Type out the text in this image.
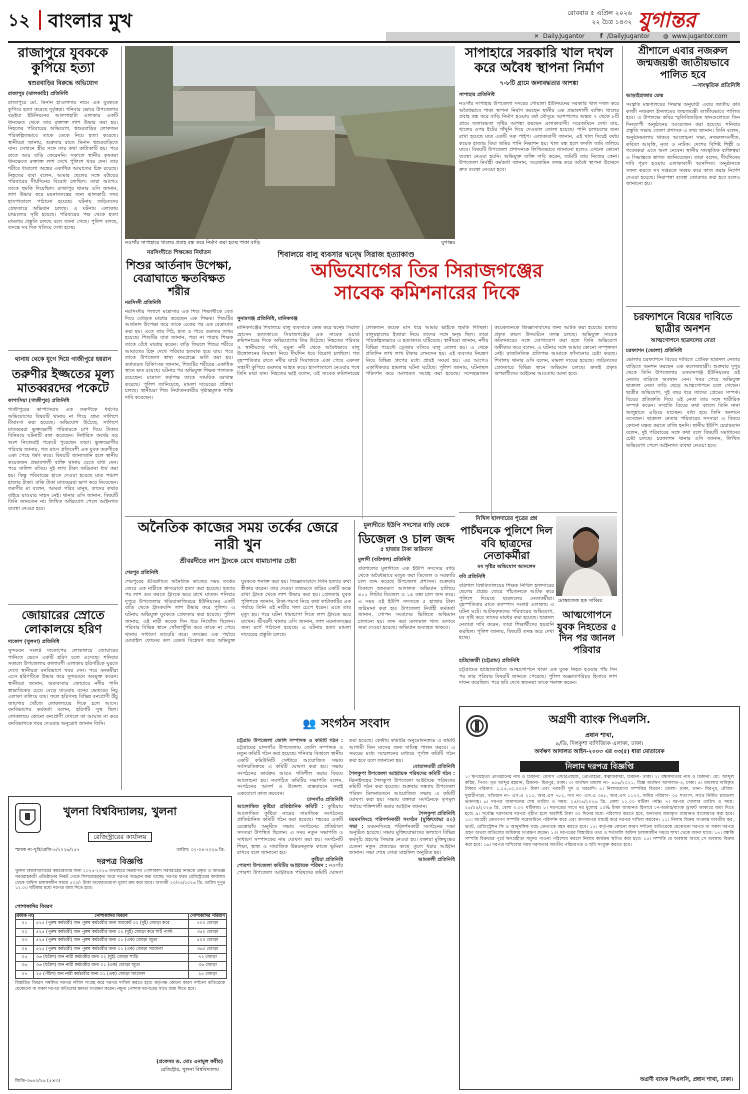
১২ বাংলার মুখ	রোববার ৫ এপ্রিল ২০২৬
২২ চৈত্র ১৪৩২ যুগান্তর
✕ Daily.Jugantor	f /DailyJugantor ◍ www.jugantor.com
রাজাপুরে যুবককে কুপিয়ে হত্যা
শ্বশুরবাড়ির বিরুদ্ধে অভিযোগ
রাজাপুর (ঝালকাঠি) প্রতিনিধি
রাজাপুরে মো. মিনান হাওলাদার নামে এক যুবককে কুপিয়ে হত্যা করেছে দুর্বৃত্তরা। শনিবার ভোরে উপজেলার বড়ইয়া ইউনিয়নের আলগাহাটা এলাকার একটি ধানক্ষেত থেকে তার রক্তাক্ত লাশ উদ্ধার করা হয়। নিহতের পরিবারের অভিযোগ, শ্বশুরবাড়ির লোকজন পরিকল্পিতভাবে তাকে ডেকে নিয়ে হত্যা করেছে। স্থানীয়রা জানায়, শুক্রবার রাতে মিনান শ্বশুরবাড়িতে যান। সেখানে স্ত্রীর সঙ্গে তার কথা কাটাকাটি হয়। পরে রাতে আর বাড়ি ফেরেননি। সকালে স্থানীয় কৃষকরা ধানক্ষেতে রক্তাক্ত লাশ দেখে পুলিশে খবর দেন। তার শরীরে ধারালো অস্ত্রের একাধিক আঘাতের চিহ্ন রয়েছে। নিহতের বাবা বলেন, আমার ছেলের সঙ্গে বউয়ের পরিবারের দীর্ঘদিনের বিরোধ চলছিল। তারা আগেও তাকে হুমকি দিয়েছিল। রাজাপুর থানার ওসি জানান, লাশ উদ্ধার করে ময়নাতদন্তের জন্য ঝালকাঠি সদর হাসপাতালে পাঠানো হয়েছে। ঘটনায় জড়িতদের গ্রেফতারে অভিযান চলছে। এ ঘটনায় এলাকায় চাঞ্চল্যের সৃষ্টি হয়েছে। পরিবারের পক্ষ থেকে হত্যা মামলার প্রস্তুতি চলছে বলে জানা গেছে। পুলিশ বলছে, তদন্তে সব দিক খতিয়ে দেখা হচ্ছে।
থানায় থেকে যুগে দিয়ে গাজীপুরে হয়রান
তরুণীর ইজ্জতের মূল্য মাতব্বরদের পকেটে
কাপাসিয়া (গাজীপুর) প্রতিনিধি
গাজীপুরের কাপাসিয়ায় এক তরুণীকে ধর্ষণের অভিযোগের বিষয়টি থানায় না গিয়ে গ্রাম্য সালিশে মীমাংসা করা হয়েছে। অভিযোগ উঠেছে, সালিশে মাতব্বররা ভুক্তভোগী পরিবারকে চাপ দিয়ে টাকার বিনিময়ে ঘটনাটি রফা করেছেন। নির্ধারিত অর্থের বড় অংশ নিজেরাই পকেটে পুরেছেন তারা। ভুক্তভোগীর পরিবার জানায়, গত মাসে প্রতিবেশী এক যুবক তরুণীকে একা পেয়ে ধর্ষণ করে। বিষয়টি জানাজানি হলে স্থানীয় কয়েকজন প্রভাবশালী ব্যক্তি থানায় যেতে বাধা দেন। পরে সালিশ বসিয়ে দুই লাখ টাকা জরিমানা ধার্য করা হয়। কিন্তু পরিবারের হাতে দেওয়া হয়েছে মাত্র পঞ্চাশ হাজার টাকা। বাকি টাকা মাতব্বররা ভাগ করে নিয়েছেন। তরুণীর মা বলেন, আমরা গরিব মানুষ, তাদের কথার বাইরে যাওয়ার সাহস নেই। থানার ওসি জানান, বিষয়টি তিনি জানতেন না। লিখিত অভিযোগ পেলে আইনগত ব্যবস্থা নেওয়া হবে।
জোয়ারের স্রোতে লোকালয়ে হরিণ
দাকোপ (খুলনা) প্রতিনিধি
সুন্দরবন সংলগ্ন দাকোপের লোকালয়ে জোয়ারের পানিতে ভেসে একটি হরিণ চলে এসেছে। শনিবার সকালে উপজেলার কালাবগী এলাকায় হরিণটিকে ঘুরতে দেখে স্থানীয়রা বনবিভাগে খবর দেন। পরে বনকর্মীরা এসে হরিণটিকে উদ্ধার করে সুন্দরবনে অবমুক্ত করেন। স্থানীয়রা জানান, অমাবস্যার জোয়ারে নদীর পানি স্বাভাবিকের চেয়ে বেড়ে যাওয়ায় বনের ভেতরের নিচু এলাকা তলিয়ে যায়। ফলে হরিণসহ বিভিন্ন বন্যপ্রাণী উঁচু জায়গার খোঁজে লোকালয়ের দিকে চলে আসে। বনবিভাগের কর্মকর্তা বলেন, হরিণটি সুস্থ ছিল। লোকালয়ে কোনো বন্যপ্রাণী দেখলে তা আঘাত না করে বনবিভাগকে খবর দেওয়ার অনুরোধ জানান তিনি।
নওগাঁর সাপাহারে খালের প্রবাহ বন্ধ করে নির্মাণ করা হচ্ছে পাকা বাড়ি	যুগান্তর
সাপাহারে সরকারি খাল দখল করে অবৈধ স্থাপনা নির্মাণ
৭-৮টি গ্রামে জলাবদ্ধতার আশঙ্কা
সাপাহার প্রতিনিধি
নওগাঁর সাপাহার উপজেলা সদরের গোয়ালা ইউনিয়নের সরকারি খাল দখল করে অবৈধভাবে পাকা স্থাপনা নির্মাণ করছেন স্থানীয় এক প্রভাবশালী ব্যক্তি। খালের প্রবাহ বন্ধ করে বাড়ি নির্মাণ হওয়ায় বর্ষা মৌসুমে আশপাশের অন্তত ৭ থেকে ৮টি গ্রামে জলাবদ্ধতা সৃষ্টির আশঙ্কা করছেন এলাকাবাসী। সরেজমিনে দেখা যায়, খালের ওপর ইটের গাঁথুনি দিয়ে দেওয়াল তোলা হয়েছে। পানি চলাচলের জন্য রাখা হয়েছে মাত্র একটি সরু পাইপ। এলাকাবাসী জানান, এই খাল দিয়েই বর্ষায় কয়েক হাজার বিঘা জমির পানি নিষ্কাশন হয়। খাল বন্ধ হলে ফসলি জমি তলিয়ে যাবে। বিষয়টি উপজেলা প্রশাসনকে লিখিতভাবে জানানো হলেও এখনো কোনো ব্যবস্থা নেওয়া হয়নি। অভিযুক্ত ব্যক্তি দাবি করেন, জমিটি তার নিজের কেনা। উপজেলা নির্বাহী কর্মকর্তা জানান, সরেজমিন তদন্ত করে অবৈধ স্থাপনা উচ্ছেদে দ্রুত ব্যবস্থা নেওয়া হবে।
শ্রীশালে এবার নজরুল জন্মজয়ন্তী জাতীয়ভাবে পালিত হবে
—সাংস্কৃতিক প্রতিনিধি
আড়াইহাজার ডেস্ক
সংস্কৃতি মন্ত্রণালয়ের সিদ্ধান্ত অনুযায়ী এবার জাতীয় কবি কাজী নজরুল ইসলামের জন্মজয়ন্তী জাতীয়ভাবে পালিত হবে। এ উপলক্ষে কবির স্মৃতিবিজড়িত স্থানগুলোতে তিন দিনব্যাপী অনুষ্ঠানের আয়োজন করা হয়েছে। শনিবার প্রস্তুতি সভায় জেলা প্রশাসক এ তথ্য জানান। তিনি বলেন, অনুষ্ঠানমালায় থাকবে আলোচনা সভা, নজরুলসংগীত, কবিতা আবৃত্তি, নৃত্য ও নাটক। দেশের বিশিষ্ট শিল্পী ও গবেষকরা এতে অংশ নেবেন। স্থানীয় সাংস্কৃতিক ব্যক্তিত্বরা এ সিদ্ধান্তকে স্বাগত জানিয়েছেন। তারা বলেন, দীর্ঘদিনের দাবি পূরণ হওয়ায় এলাকাবাসী আনন্দিত। অনুষ্ঠানকে সফল করতে সব দপ্তরকে সমন্বয় করে কাজ করার নির্দেশ দেওয়া হয়েছে। নিরাপত্তা ব্যবস্থা জোরদার করা হবে বলেও জানানো হয়।
চরফ্যাশনে বিয়ের দাবিতে ছাত্রীর অনশন
আত্মগোপনে ছাত্রদলের নেতা
চরফ্যাশন (ভোলা) প্রতিনিধি
ভোলার চরফ্যাশনে বিয়ের দাবিতে প্রেমিক ছাত্রদল নেতার বাড়িতে অনশন করছেন এক কলেজছাত্রী। শুক্রবার দুপুর থেকে তিনি উপজেলার ওসমানগঞ্জ ইউনিয়নের ওই নেতার বাড়িতে অবস্থান নেন। খবর পেয়ে অভিযুক্ত ছাত্রদল নেতা বাড়ি ছেড়ে আত্মগোপনে চলে গেছেন। ছাত্রীর অভিযোগ, দুই বছর ধরে তাদের প্রেমের সম্পর্ক। বিয়ের প্রতিশ্রুতি দিয়ে ওই নেতা তার সঙ্গে শারীরিক সম্পর্ক করেন। সম্প্রতি বিয়ের কথা বললে তিনি নানা অজুহাতে এড়িয়ে যাচ্ছেন। বাধ্য হয়ে তিনি অনশনে বসেছেন। ছাত্রদল নেতার পরিবারের সদস্যরা এ বিষয়ে কোনো মন্তব্য করতে রাজি হননি। স্থানীয় ইউপি চেয়ারম্যান বলেন, দুই পরিবারের সঙ্গে কথা বলে বিষয়টি সমাধানের চেষ্টা চলছে। চরফ্যাশন থানার ওসি জানান, লিখিত অভিযোগ পেলে আইনগত ব্যবস্থা নেওয়া হবে।
নরসিংদীতে শিক্ষকের নির্যাতন
শিশুর আর্তনাদ উপেক্ষা, বেত্রাঘাতে ক্ষতবিক্ষত শরীর
নরসিংদী প্রতিনিধি
নরসিংদীর পলাশে মাদ্রাসার এক শিশু শিক্ষার্থীকে বেত দিয়ে বেধড়ক মারধর করেছেন এক শিক্ষক। শিশুটির আর্তনাদ উপেক্ষা করে তাকে একের পর এক বেত্রাঘাত করা হয়। এতে তার পিঠ, হাত ও পায়ে গুরুতর জখম হয়েছে। শিশুটির বাবা জানান, পড়া না পারায় শিক্ষক তাকে বেঁধে মারধর করেন। বাড়ি ফিরলে শিশুর শরীরে আঘাতের চিহ্ন দেখে পরিবার হতবাক হয়ে যায়। পরে তাকে উপজেলা স্বাস্থ্য কমপ্লেক্সে ভর্তি করা হয়। কর্তব্যরত চিকিৎসক জানান, শিশুটির শরীরের একাধিক স্থানে ক্ষত রয়েছে। ঘটনার পর অভিযুক্ত শিক্ষক পলাতক রয়েছেন। মাদ্রাসা কর্তৃপক্ষ তাকে সাময়িক বরখাস্ত করেছে। পুলিশ জানিয়েছে, মামলা দায়েরের প্রক্রিয়া চলছে। স্থানীয়রা শিশু নির্যাতনকারীর দৃষ্টান্তমূলক শাস্তি দাবি করেছেন।
শিবালয়ে বালু ব্যবসার দ্বন্দ্বে সিরাজ হত্যাকাণ্ড
অভিযোগের তির সিরাজগঞ্জের
সাবেক কমিশনারের দিকে
সুনামগঞ্জ প্রতিনিধি, মানিকগঞ্জ
মানিকগঞ্জের শিবালয়ে বালু ব্যবসাকে কেন্দ্র করে দ্বন্দ্বে সিরাজ হোসেন হত্যাকাণ্ডে সিরাজগঞ্জের এক সাবেক ওয়ার্ড কমিশনারের দিকে অভিযোগের তির উঠেছে। নিহতের পরিবার ও স্থানীয়দের দাবি, যমুনা নদী থেকে অবৈধভাবে বালু উত্তোলনের নিয়ন্ত্রণ নিয়ে দীর্ঘদিন ধরে বিরোধ চলছিল। গত বৃহস্পতিবার রাতে নদীর ঘাটে সিরাজকে একা পেয়ে একদল সন্ত্রাসী কুপিয়ে গুরুতর আহত করে। হাসপাতালে নেওয়ার পথে তিনি মারা যান। নিহতের ভাই বলেন, ওই সাবেক কমিশনারের লোকজন কয়েক মাস ধরে আমার ভাইকে হুমকি দিচ্ছিল। বালুমহালের ইজারা নিয়ে তাদের সঙ্গে দ্বন্দ্ব ছিল। তারা পরিকল্পিতভাবে এ হত্যাকাণ্ড ঘটিয়েছে। স্থানীয়রা জানান, নদীর বিভিন্ন পয়েন্টে ড্রেজার বসিয়ে বালু তোলা হয়। এ থেকে প্রতিদিন লাখ লাখ টাকার লেনদেন হয়। এই ব্যবসার নিয়ন্ত্রণ নিয়ে বিভিন্ন গ্রুপের মধ্যে প্রায়ই সংঘর্ষ হয়। এর আগেও একাধিকবার হামলার ঘটনা ঘটেছে। পুলিশ জানায়, ঘটনাস্থল পরিদর্শন করে আলামত সংগ্রহ করা হয়েছে। সন্দেহভাজন কয়েকজনকে জিজ্ঞাসাবাদের জন্য আটক করা হয়েছে। হত্যার প্রকৃত কারণ উদঘাটনে তদন্ত চলছে। অভিযুক্ত সাবেক কমিশনারের সঙ্গে যোগাযোগ করা হলে তিনি অভিযোগ অস্বীকার করে বলেন, এ ঘটনার সঙ্গে আমার কোনো সম্পৃক্ততা নেই। রাজনৈতিক প্রতিপক্ষ আমাকে ফাঁসানোর চেষ্টা করছে। শিবালয় থানার ওসি বলেন, মামলা দায়ের হয়েছে। জড়িতদের গ্রেফতারে বিভিন্ন স্থানে অভিযান চলছে। দ্রুতই প্রকৃত অপরাধীদের আইনের আওতায় আনা হবে।
অনৈতিক কাজের সময় তর্কের জেরে নারী খুন
শ্রীবরদীতে লাশ ট্রাংকে রেখে ধামাচাপার চেষ্টা
শেরপুর প্রতিনিধি
শেরপুরের শ্রীবরদীতে অনৈতিক কাজের সময় তর্কের জেরে এক নারীকে শ্বাসরোধে হত্যা করা হয়েছে। হত্যার পর লাশ গুম করতে ট্রাংকে ভরে রাখে ঘাতক। শনিবার দুপুরে উপজেলার খড়িয়াকাজিরচর ইউনিয়নের একটি বাড়ি থেকে ট্রাংকবন্দি লাশ উদ্ধার করে পুলিশ। এ ঘটনায় অভিযুক্ত যুবককে গ্রেফতার করা হয়েছে। পুলিশ জানায়, ওই নারী কয়েক দিন ধরে নিখোঁজ ছিলেন। পরিবার বিভিন্ন স্থানে খোঁজাখুঁজি করে তাকে না পেয়ে থানায় সাধারণ ডায়েরি করে। তদন্তের এক পর্যায়ে মোবাইল ফোনের কল রেকর্ড বিশ্লেষণ করে অভিযুক্ত যুবককে শনাক্ত করা হয়। জিজ্ঞাসাবাদে তিনি হত্যার কথা স্বীকার করেন। তার দেওয়া তথ্যমতে বাড়ির একটি কক্ষে রাখা ট্রাংক থেকে লাশ উদ্ধার করা হয়। গ্রেফতার যুবক পুলিশকে জানান, টাকা-পয়সা নিয়ে কথা কাটাকাটির এক পর্যায়ে তিনি ওই নারীর গলা চেপে ধরেন। এতে তার মৃত্যু হয়। পরে ঘটনা ধামাচাপা দিতে লাশ ট্রাংকে ভরে রাখেন। শ্রীবরদী থানার ওসি জানান, লাশ ময়নাতদন্তের জন্য মর্গে পাঠানো হয়েছে। এ ঘটনায় হত্যা মামলা দায়েরের প্রস্তুতি চলছে।
মুলাদীতে ইউপি সদস্যের বাড়ি থেকে
ডিজেল ও চাল জব্দ
৫ হাজার টাকা জরিমানা
মুলাদী (বরিশাল) প্রতিনিধি
বরিশালের মুলাদীতে এক ইউপি সদস্যের বাড়ি থেকে অবৈধভাবে মজুত করা ডিজেল ও সরকারি চাল জব্দ করেছে উপজেলা প্রশাসন। শুক্রবার বিকালে ভ্রাম্যমাণ আদালত অভিযান চালিয়ে ৪০০ লিটার ডিজেল ও ১৫ বস্তা চাল জব্দ করে। এ সময় ওই ইউপি সদস্যকে ৫ হাজার টাকা জরিমানা করা হয়। উপজেলা নির্বাহী কর্মকর্তা জানান, গোপন সংবাদের ভিত্তিতে অভিযান চালানো হয়। জব্দ করা মালামাল খাদ্য গুদামে জমা দেওয়া হয়েছে। অভিযান অব্যাহত থাকবে।
নিখিল হালদারের পুত্রের প্রশ্ন
পাচঁঘনকে পুলিশে দিল ববি ছাত্রদের নেতাকর্মীরা
মব সৃষ্টির অভিযোগ আনলেন
ববি প্রতিনিধি
বরিশাল বিশ্ববিদ্যালয়ের শিক্ষক নিখিল হালদারের ছেলের প্রশ্নের জেরে পাঁচজনকে আটক করে পুলিশে দিয়েছে ছাত্রদলের নেতাকর্মীরা। বৃহস্পতিবার রাতে ক্যাম্পাস সংলগ্ন এলাকায় এ ঘটনা ঘটে। আটককৃতদের পরিবারের অভিযোগ, মব সৃষ্টি করে তাদের মারধর করা হয়েছে। ছাত্রদল নেতারা দাবি করেন, তারা শিক্ষার্থীদের হয়রানি করছিল। পুলিশ জানায়, বিষয়টি তদন্ত করে দেখা হচ্ছে।
মোস্তাফেজ হক সাব্বির
আত্মগোপনে যুবক নিহতের ৫ দিন পর জানল পরিবার
হাটহাজারী (চট্টগ্রাম) প্রতিনিধি
চট্টগ্রামের হাটহাজারীতে আত্মগোপনে থাকা এক যুবক নিহত হওয়ার পাঁচ দিন পর তার পরিবার বিষয়টি জানতে পেরেছে। পুলিশ অজ্ঞাতপরিচয় হিসাবে লাশ দাফন করেছিল। পরে ছবি দেখে স্বজনরা তাকে শনাক্ত করেন।
অগ্রণী ব্যাংক পিএলসি.
প্রধান শাখা,
৯/ডি, দিলকুশা বাণিজ্যিক এলাকা, ঢাকা।
অর্থঋণ আদালত আইন-২০০৩ এর ৩৩(৫) ধারা মোতাবেক
নিলাম দরপত্র বিজ্ঞপ্তি
১। ঋণগ্রহীতা প্রতিষ্ঠানের নাম ও ঠিকানা: মেসার্স এন্টারপ্রাইজ, প্রোপ্রাইটর, স্বত্বাধিকারী, ঠিকানা- ঢাকা। ২। বন্ধকদাতার নাম ও ঠিকানা: মো. আব্দুল করিম, পিতা- মৃত আব্দুর রহমান, ঠিকানা- মিরপুর, ঢাকা। ৩। অর্থঋণ মামলা নং- ৪৫৬/২০২১, বিজ্ঞ অর্থঋণ আদালত-৩, ঢাকা। ৪। মামলার দাবিকৃত টাকার পরিমাণ: ১,২৫,৫০,০০০/- টাকা এবং পরবর্তী সুদ ও খরচাদি। ৫। নিলামযোগ্য সম্পত্তির বিবরণ: জেলা- ঢাকা, থানা- মিরপুর, মৌজা- দুয়ারীপাড়া, খতিয়ান নং- এস.এ ২১৫, আর.এস ৭৮২, দাগ নং- এস.এ ৩৪৮, আর.এস ১১২৩, জমির পরিমাণ- ০৫ শতাংশ, সাথে নির্মিত চারতলা ভবনসহ। ৬। দরপত্র জমাদানের শেষ তারিখ ও সময়: ২৫/০৪/২০২৬ খ্রি. বেলা ১২.০০ ঘটিকা পর্যন্ত। ৭। দরপত্র খোলার তারিখ ও সময়: ২৫/০৪/২০২৬ খ্রি. বেলা ৩.০০ ঘটিকায়। ৮। দরপত্রের সাথে দর মূল্যের ১০% টাকা জামানত হিসাবে পে-অর্ডার/ব্যাংক ড্রাফট আকারে জমা দিতে হবে। ৯। সর্বোচ্চ দরদাতার দরপত্র গৃহীত হলে অবশিষ্ট টাকা ৩০ দিনের মধ্যে পরিশোধ করতে হবে, অন্যথায় জমাকৃত জামানত বাজেয়াপ্ত করা হবে। ১০। আগ্রহী ক্রেতাগণ সম্পত্তি সরেজমিনে পরিদর্শন করে এবং কাগজপত্র যাচাই করে দরপত্র দাখিল করবেন। ১১। নিলাম বিক্রয় সংক্রান্ত যাবতীয় কর, ভ্যাট, রেজিস্ট্রেশন ফি ও আনুষঙ্গিক খরচ ক্রেতাকে বহন করতে হবে। ১২। কর্তৃপক্ষ কোনো কারণ দর্শানো ব্যতিরেকে যেকোনো দরপত্র বা সকল দরপত্র গ্রহণ অথবা বাতিলের অধিকার সংরক্ষণ করেন। ১৩। দরপত্রের বিস্তারিত তথ্য ও শর্তাবলি অফিস চলাকালীন সময়ে শাখা থেকে জানা যাবে। ১৪। বন্ধকি সম্পত্তি বিক্রয়ের পূর্বে ঋণগ্রহীতা সমুদয় পাওনা পরিশোধ করলে নিলাম কার্যক্রম স্থগিত করা হবে। ১৫। সম্পত্তি যে অবস্থায় আছে সে অবস্থায় বিক্রয় করা হবে। ১৬। দরপত্র দাখিলের সময় দরদাতার জাতীয় পরিচয়পত্র ও ছবি সংযুক্ত করতে হবে।
অগ্রণী ব্যাংক পিএলসি, প্রধান শাখা, ঢাকা।
👥 সংগঠন সংবাদ
চট্টগ্রাম উপজেলা জেলি সম্পাদক ও কমিটি গঠন : চট্টগ্রামের চান্দগাঁও উপজেলায় জেলি সম্পাদক ও নতুন কমিটি গঠন করা হয়েছে। শনিবার বিকালে স্থানীয় একটি কমিউনিটি সেন্টারে আয়োজিত সভায় সর্বসম্মতিক্রমে এ কমিটি ঘোষণা করা হয়। সভায় সংগঠনের কার্যক্রম আরও গতিশীল করার বিষয়ে আলোচনা হয়। নবগঠিত কমিটির সভাপতি বলেন, সংগঠনের আদর্শ ও উদ্দেশ্য বাস্তবায়নে সবাই একযোগে কাজ করবেন।
চান্দগাঁও প্রতিনিধি
আলোকিত কুষ্টিয়া প্রতিষ্ঠানিক কমিটি : কুষ্টিয়ায় আলোকিত কুষ্টিয়া নামের সামাজিক সংগঠনের প্রাতিষ্ঠানিক কমিটি গঠন করা হয়েছে। শহরের একটি রেস্তোরাঁয় অনুষ্ঠিত সভায় সংগঠনের প্রতিষ্ঠাতা সদস্যরা উপস্থিত ছিলেন। এ সময় নতুন সভাপতি ও সাধারণ সম্পাদকের নাম ঘোষণা করা হয়। সংগঠনটি শিক্ষা, স্বাস্থ্য ও সামাজিক উন্নয়নমূলক কাজে ভূমিকা রাখবে বলে জানানো হয়।
কুষ্টিয়া প্রতিনিধি
পোরশা উপজেলা কমিটির আহ্বায়ক পরিষদ : নওগাঁর পোরশা উপজেলা আহ্বায়ক পরিষদের কমিটি ঘোষণা করা হয়েছে। কেন্দ্রীয় কমিটির অনুমোদনক্রমে এ কমিটি আগামী তিন মাসের জন্য দায়িত্ব পালন করবে। এ সময়ের মধ্যে সম্মেলনের মাধ্যমে পূর্ণাঙ্গ কমিটি গঠন করা হবে বলে জানানো হয়।
বোয়ালমারী প্রতিনিধি
শৈলকুপা উপজেলা আহ্বায়ক পরিষদের কমিটি গঠন : ঝিনাইদহের শৈলকুপা উপজেলা আহ্বায়ক পরিষদের কমিটি গঠন করা হয়েছে। শুক্রবার সন্ধ্যায় উপজেলা পরিষদ মিলনায়তনে আয়োজিত সভায় এ কমিটি ঘোষণা করা হয়। সভায় বক্তারা সংগঠনকে তৃণমূল পর্যায়ে শক্তিশালী করার আহ্বান জানান।
শৈলকুপা প্রতিনিধি
ময়মনসিংহে পরিদর্শনকারী সংগঠন (মুক্তিযোদ্ধা ৫০) সভা : ময়মনসিংহে পরিদর্শনকারী সংগঠনের সভা অনুষ্ঠিত হয়েছে। সভায় মুক্তিযোদ্ধাদের কল্যাণে বিভিন্ন কর্মসূচি গ্রহণের সিদ্ধান্ত নেওয়া হয়। বক্তারা মুক্তিযুদ্ধের চেতনা নতুন প্রজন্মের কাছে তুলে ধরার আহ্বান জানান। সভা শেষে দোয়া মাহফিল অনুষ্ঠিত হয়।
আমতলী প্রতিনিধি
খুলনা বিশ্ববিদ্যালয়, খুলনা
রেজিস্ট্রারের কার্যালয়
স্মারক নং-খুবি/রেজি-৫/২০২৬/২৫৭	তারিখ: ০২-০৪-২০২৬ খ্রি.
দরপত্র বিজ্ঞপ্তি
খুলনা বিশ্ববিদ্যালয়ের কর্মচারীদের জন্য ২০২৫-২০২৬ অর্থবছরে নিম্নবর্ণিত পোশাকাদি সরবরাহের নিমিত্তে প্রকৃত ও অভিজ্ঞ সরবরাহকারী প্রতিষ্ঠানের নিকট থেকে সিলমোহরকৃত খামে দরপত্র আহ্বান করা যাচ্ছে। দরপত্র ফরম রেজিস্ট্রারের কার্যালয় থেকে অফিস চলাকালীন সময়ে ৫০০/- টাকা অফেরতযোগ্য মূল্যে ক্রয় করা যাবে। আগামী ২০/০৪/২০২৬ খ্রি. তারিখ দুপুর ১২.০০ ঘটিকার মধ্যে দরপত্র জমা দিতে হবে।
পোশাকাদির বিবরণ
ক্রমিক নং	পোশাকাদির বিবরণ	পোশাকাদির পরিমাণ
০১	৫২৫ (পুরুষ কর্মচারী) জন পুরুষ কর্মচারীর জন্য জ্যাকেট ০২ (দুই) জোড়া করে	৭০০ জোড়া
০২	৫২৫ (পুরুষ কর্মচারী) জন পুরুষ কর্মচারীর জন্য ০২ (দুই) জোড়া করে শার্ট প্যান্ট	৩৫০ জোড়া
০৩	৫২৫ (পুরুষ কর্মচারী) জন পুরুষ কর্মচারীর জন্য ০১ (এক) জোড়া জুতা	৫০০ জোড়া
০৪	৫২৫ (পুরুষ কর্মচারী) জন পুরুষ কর্মচারীর জন্য ০১ (এক) জোড়া স্যান্ডেল	৩৬০ জোড়া
০৫	৩৬ (ছত্রিশ) জন নারী কর্মচারীর জন্য ০২ (দুই) জোড়া শাড়ি	৭২ জোড়া
০৬	৩৬ (ছত্রিশ) জন নারী কর্মচারীর জন্য ০১ (এক) জোড়া জুতা	৩৬ জোড়া
০৭	২৫ (পঁচিশ) জন নারী কর্মচারীর জন্য ০১ (এক) জোড়া স্যান্ডেল	২৫ জোড়া
বিস্তারিত বিবরণ সম্বলিত দরপত্র দলিল সংগ্রহ করে দরপত্র দাখিল করতে হবে। কর্তৃপক্ষ কোনো কারণ দর্শানো ব্যতিরেকে যেকোনো বা সকল দরপত্র বাতিলের ক্ষমতা সংরক্ষণ করেন। নমুনা পোশাক দরপত্রের সাথে জমা দিতে হবে।
(প্রফেসর ড. মোঃ এনামুল কবীর)
রেজিস্ট্রার, খুলনা বিশ্ববিদ্যালয়
জিডি-৩৬৫৩/২৬ (৫×৩)
